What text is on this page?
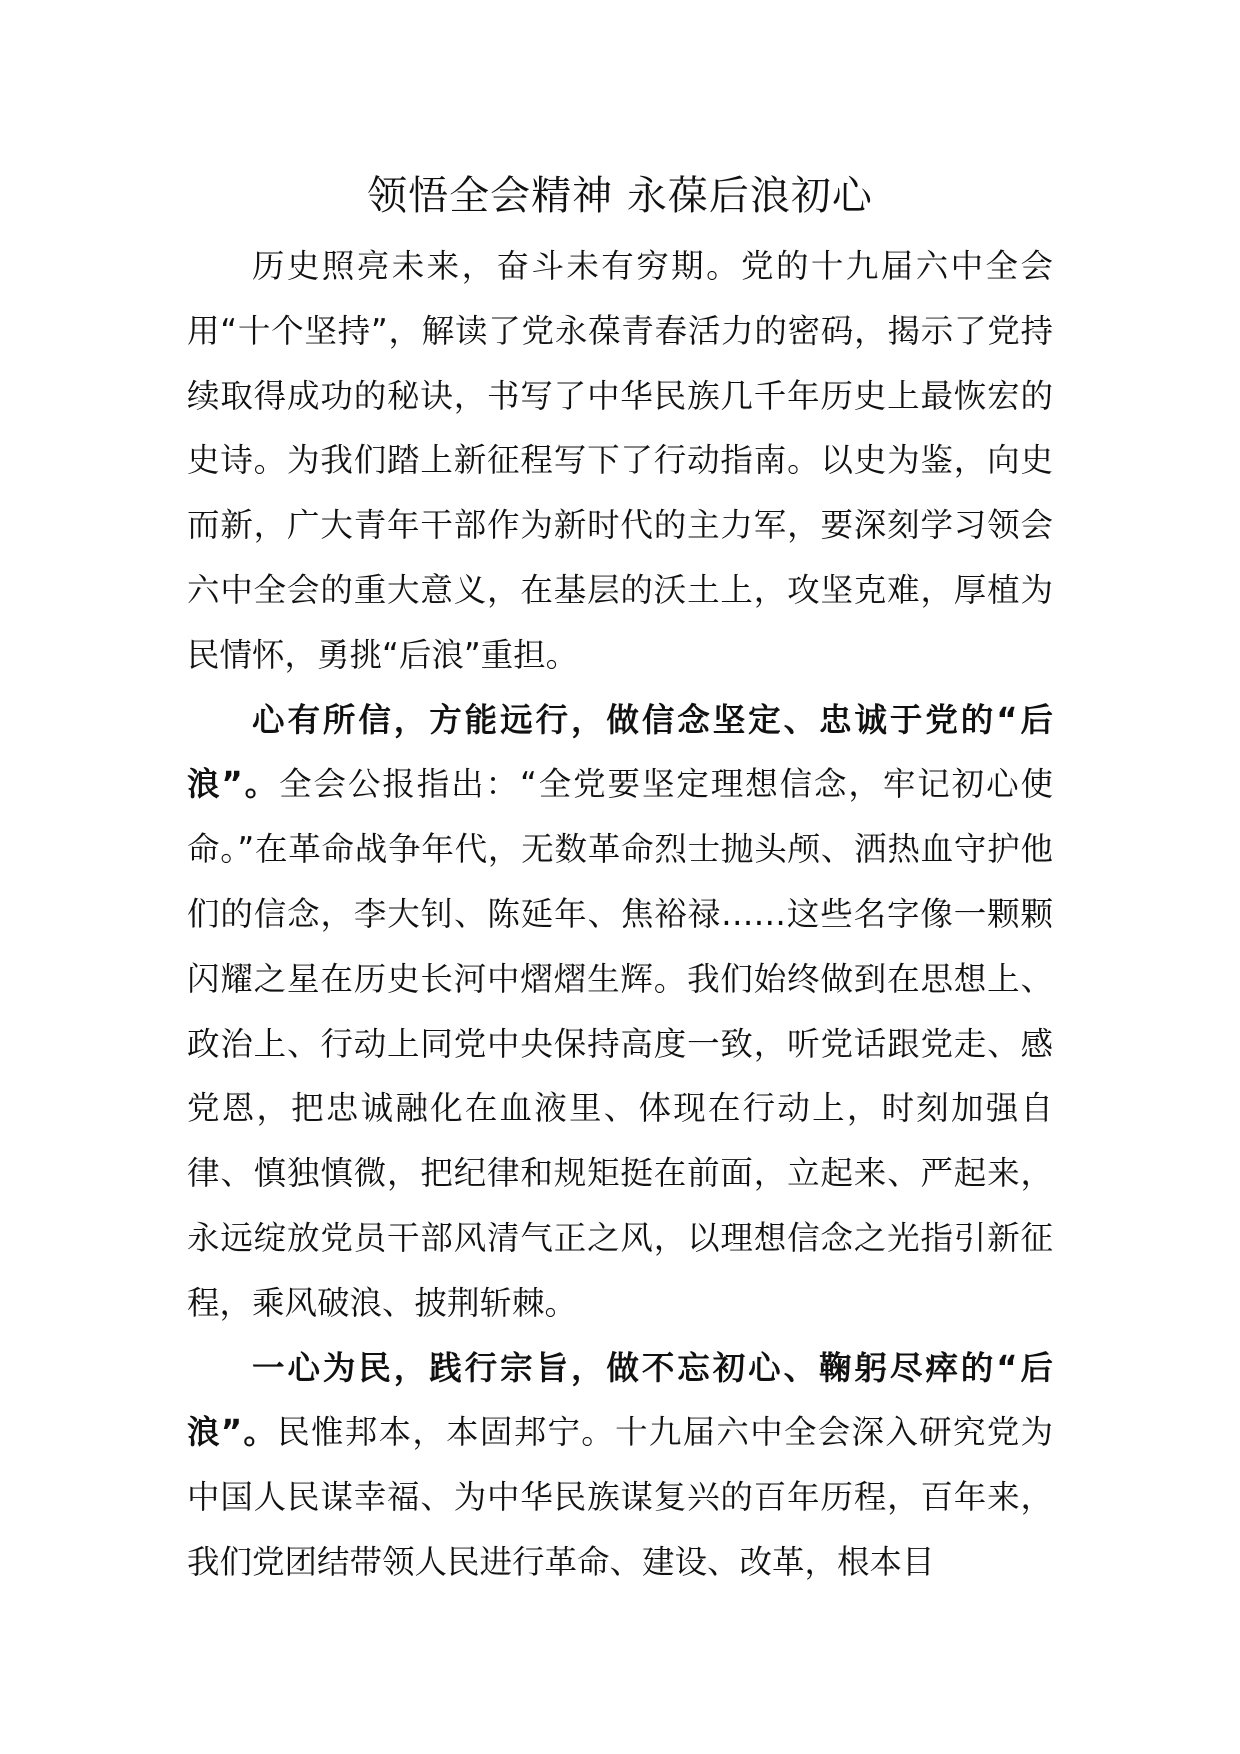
领悟全会精神 永葆后浪初心

历史照亮未来，奋斗未有穷期。党的十九届六中全会用“十个坚持”，解读了党永葆青春活力的密码，揭示了党持续取得成功的秘诀，书写了中华民族几千年历史上最恢宏的史诗。为我们踏上新征程写下了行动指南。以史为鉴，向史而新，广大青年干部作为新时代的主力军，要深刻学习领会六中全会的重大意义，在基层的沃土上，攻坚克难，厚植为民情怀，勇挑“后浪”重担。

心有所信，方能远行，做信念坚定、忠诚于党的“后浪”。全会公报指出：“全党要坚定理想信念，牢记初心使命。”在革命战争年代，无数革命烈士抛头颅、洒热血守护他们的信念，李大钊、陈延年、焦裕禄……这些名字像一颗颗闪耀之星在历史长河中熠熠生辉。我们始终做到在思想上、政治上、行动上同党中央保持高度一致，听党话跟党走、感党恩，把忠诚融化在血液里、体现在行动上，时刻加强自律、慎独慎微，把纪律和规矩挺在前面，立起来、严起来，永远绽放党员干部风清气正之风，以理想信念之光指引新征程，乘风破浪、披荆斩棘。

一心为民，践行宗旨，做不忘初心、鞠躬尽瘁的“后浪”。民惟邦本，本固邦宁。十九届六中全会深入研究党为中国人民谋幸福、为中华民族谋复兴的百年历程，百年来，我们党团结带领人民进行革命、建设、改革，根本目
